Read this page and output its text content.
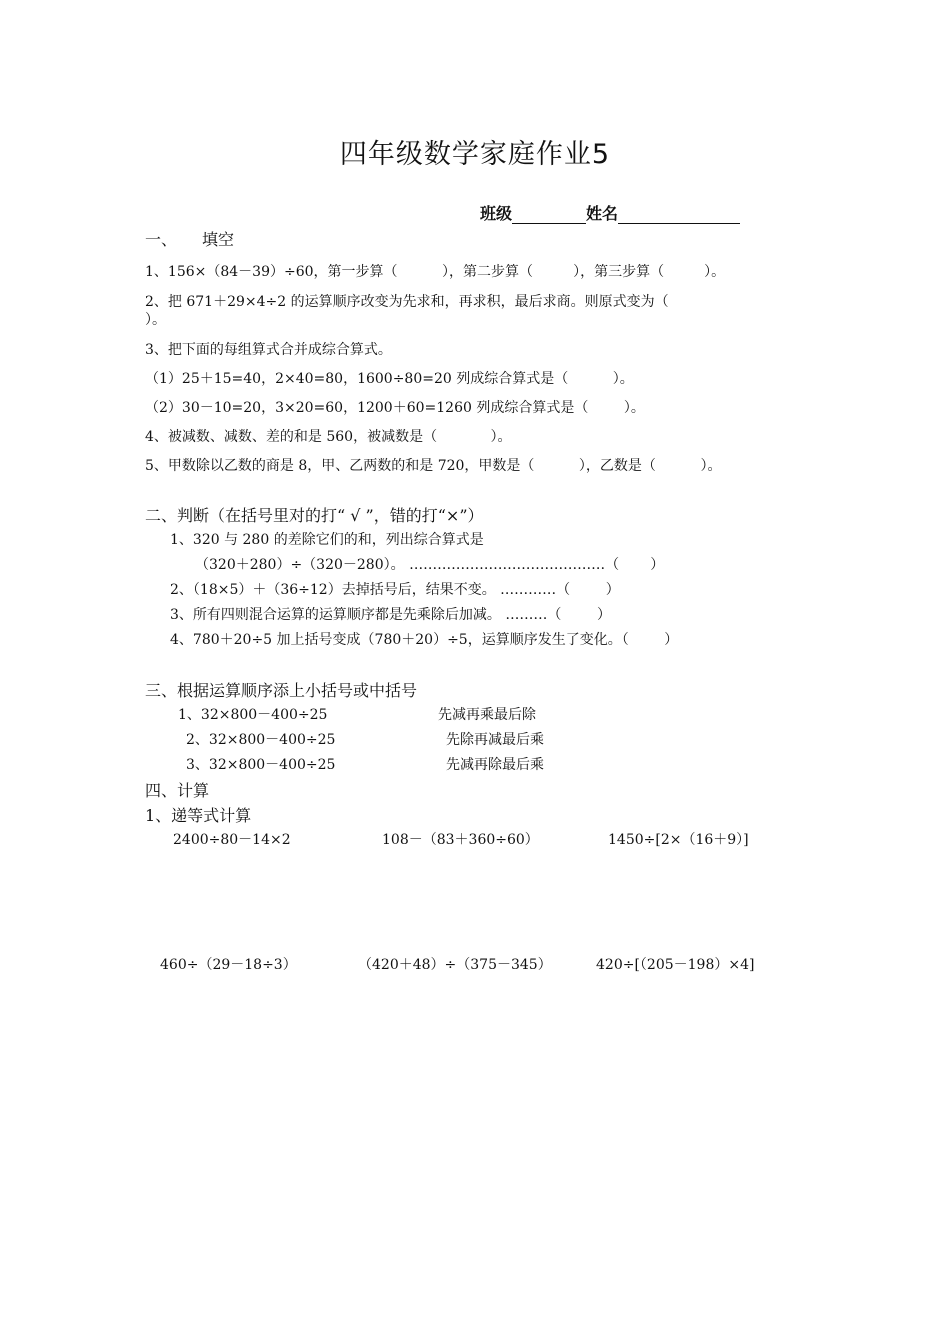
四年级数学家庭作业5
班级	姓名
一、 填空
1、156×（84－39）÷60，第一步算（          ），第二步算（         ），第三步算（         ）。
2、把 671＋29×4÷2 的运算顺序改变为先求和，再求积，最后求商。则原式变为（
）。
3、把下面的每组算式合并成综合算式。
（1）25＋15=40，2×40=80，1600÷80=20 列成综合算式是（          ）。
（2）30－10=20，3×20=60，1200＋60=1260 列成综合算式是（        ）。
4、被减数、减数、差的和是 560，被减数是（            ）。
5、甲数除以乙数的商是 8，甲、乙两数的和是 720，甲数是（          ），乙数是（          ）。
二、判断（在括号里对的打“ √ ”，错的打“×”）
1、320 与 280 的差除它们的和，列出综合算式是
（320＋280）÷（320－280）。 ……………………………………（       ）
2、（18×5）＋（36÷12）去掉括号后，结果不变。 …………（        ）
3、所有四则混合运算的运算顺序都是先乘除后加减。 ………（        ）
4、780＋20÷5 加上括号变成（780＋20）÷5，运算顺序发生了变化。（        ）
三、根据运算顺序添上小括号或中括号
1、32×800－400÷25	先减再乘最后除
2、32×800－400÷25	先除再减最后乘
3、32×800－400÷25	先减再除最后乘
四、计算
1、递等式计算
2400÷80－14×2	108－（83＋360÷60）	1450÷[2×（16＋9）]
460÷（29－18÷3）	（420＋48）÷（375－345）	420÷[（205－198）×4]
